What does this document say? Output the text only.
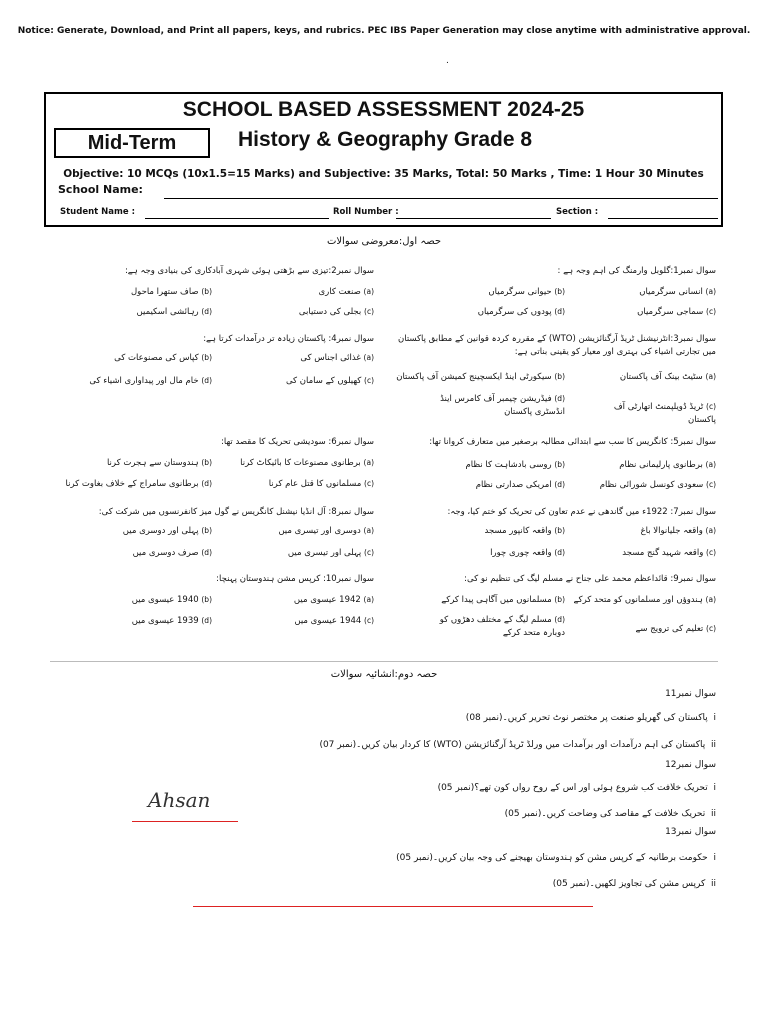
Notice: Generate, Download, and Print all papers, keys, and rubrics. PEC IBS Paper Generation may close anytime with administrative approval.
.
SCHOOL BASED ASSESSMENT 2024-25
Mid-Term	History & Geography Grade 8
Objective: 10 MCQs (10x1.5=15 Marks) and Subjective: 35 Marks, Total: 50 Marks , Time: 1 Hour 30 Minutes
School Name:
Student Name :	Roll Number :	Section :
حصہ اول:معروضی سوالات
سوال نمبر1:گلوبل وارمنگ کی اہم وجہ ہے :
(a) انسانی سرگرمیاں
(b) حیوانی سرگرمیاں
(c) سماجی سرگرمیاں
(d) پودوں کی سرگرمیاں
سوال نمبر2:تیزی سے بڑھتی ہوئی شہری آبادکاری کی بنیادی وجہ ہے:
(a) صنعت کاری
(b) صاف ستھرا ماحول
(c) بجلی کی دستیابی
(d) رہائشی اسکیمیں
سوال نمبر3:انٹرنیشنل ٹریڈ آرگنائزیشن (WTO) کے مقررہ کردہ قوانین کے مطابق پاکستان میں تجارتی اشیاء کی بہتری اور معیار کو یقینی بناتی ہے:
(a) سٹیٹ بینک آف پاکستان
(b) سیکورٹی اینڈ ایکسچینج کمیشن آف پاکستان
(c) ٹریڈ ڈویلپمنٹ اتھارٹی آف پاکستان
(d) فیڈریشن چیمبر آف کامرس اینڈ انڈسٹری پاکستان
سوال نمبر4: پاکستان زیادہ تر درآمدات کرتا ہے:
(a) غذائی اجناس کی
(b) کپاس کی مصنوعات کی
(c) کھیلوں کے سامان کی
(d) خام مال اور پیداواری اشیاء کی
سوال نمبر5: کانگریس کا سب سے ابتدائی مطالبہ برصغیر میں متعارف کروانا تھا:
(a) برطانوی پارلیمانی نظام
(b) روسی بادشاہت کا نظام
(c) سعودی کونسل شورائی نظام
(d) امریکی صدارتی نظام
سوال نمبر6: سودیشی تحریک کا مقصد تھا:
(a) برطانوی مصنوعات کا بائیکاٹ کرنا
(b) ہندوستان سے ہجرت کرنا
(c) مسلمانوں کا قتل عام کرنا
(d) برطانوی سامراج کے خلاف بغاوت کرنا
سوال نمبر7: 1922ء میں گاندھی نے عدم تعاون کی تحریک کو ختم کیا، وجہ:
(a) واقعہ جلیانوالا باغ
(b) واقعہ کانپور مسجد
(c) واقعہ شہید گنج مسجد
(d) واقعہ چوری چورا
سوال نمبر8: آل انڈیا نیشنل کانگریس نے گول میز کانفرنسوں میں شرکت کی:
(a) دوسری اور تیسری میں
(b) پہلی اور دوسری میں
(c) پہلی اور تیسری میں
(d) صرف دوسری میں
سوال نمبر9: قائداعظم محمد علی جناح نے مسلم لیگ کی تنظیم نو کی:
(a) ہندوؤں اور مسلمانوں کو متحد کرکے
(b) مسلمانوں میں آگاہی پیدا کرکے
(c) تعلیم کی ترویج سے
(d) مسلم لیگ کے مختلف دھڑوں کو دوبارہ متحد کرکے
سوال نمبر10: کرپس مشن ہندوستان پہنچا:
(a) 1942 عیسوی میں
(b) 1940 عیسوی میں
(c) 1944 عیسوی میں
(d) 1939 عیسوی میں
حصہ دوم:انشائیہ سوالات
سوال نمبر11
i  پاکستان کی گھریلو صنعت پر مختصر نوٹ تحریر کریں۔(نمبر 08)
ii  پاکستان کی اہم درآمدات اور برآمدات میں ورلڈ ٹریڈ آرگنائزیشن (WTO) کا کردار بیان کریں۔(نمبر 07)
سوال نمبر12
i  تحریک خلافت کب شروع ہوئی اور اس کے روح رواں کون تھے؟(نمبر 05)
ii  تحریک خلافت کے مقاصد کی وضاحت کریں۔(نمبر 05)
سوال نمبر13
i  حکومت برطانیہ کے کرپس مشن کو ہندوستان بھیجنے کی وجہ بیان کریں۔(نمبر 05)
ii  کرپس مشن کی تجاویز لکھیں۔(نمبر 05)
Ahsan
